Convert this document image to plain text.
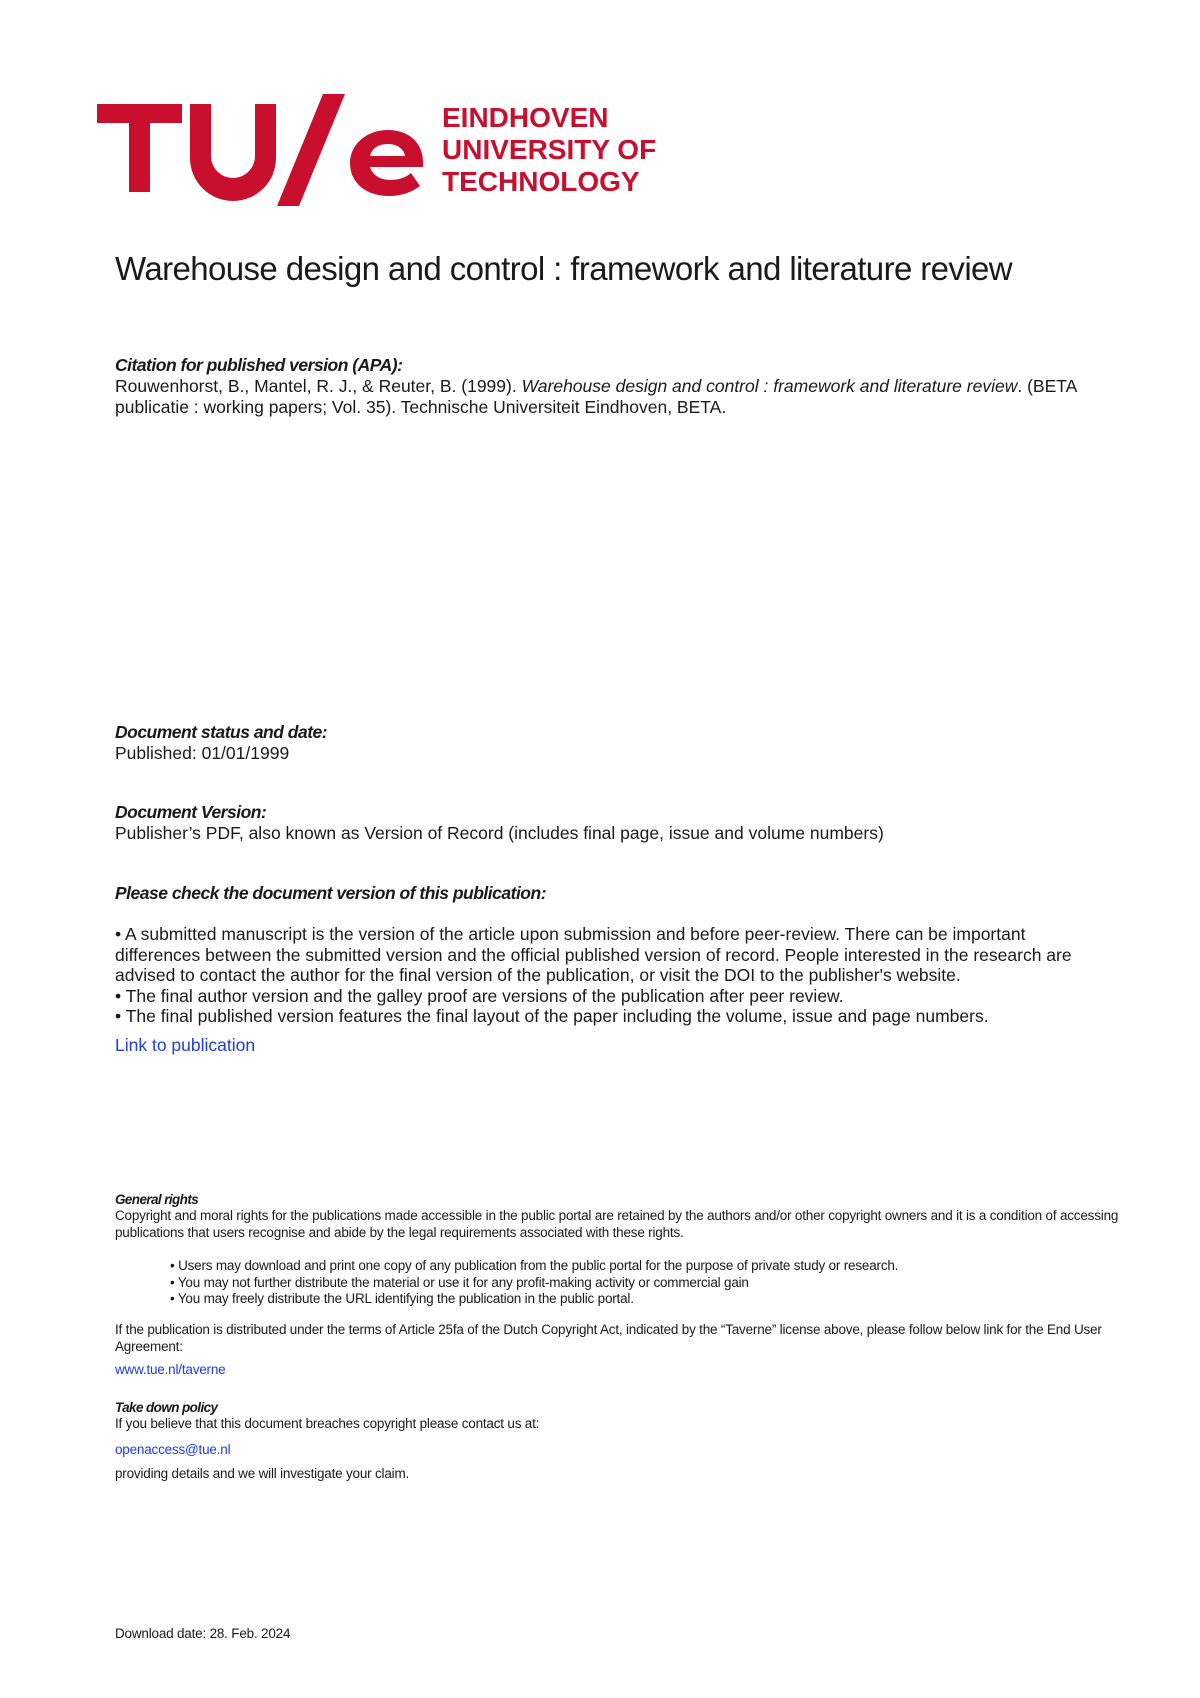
EINDHOVEN
UNIVERSITY OF
TECHNOLOGY
Warehouse design and control : framework and literature review
Citation for published version (APA):
Rouwenhorst, B., Mantel, R. J., & Reuter, B. (1999). Warehouse design and control : framework and literature review. (BETA publicatie : working papers; Vol. 35). Technische Universiteit Eindhoven, BETA.
Document status and date:
Published: 01/01/1999
Document Version:
Publisher’s PDF, also known as Version of Record (includes final page, issue and volume numbers)
Please check the document version of this publication:
• A submitted manuscript is the version of the article upon submission and before peer-review. There can be important differences between the submitted version and the official published version of record. People interested in the research are advised to contact the author for the final version of the publication, or visit the DOI to the publisher's website.
• The final author version and the galley proof are versions of the publication after peer review.
• The final published version features the final layout of the paper including the volume, issue and page numbers.
Link to publication
General rights
Copyright and moral rights for the publications made accessible in the public portal are retained by the authors and/or other copyright owners and it is a condition of accessing publications that users recognise and abide by the legal requirements associated with these rights.
• Users may download and print one copy of any publication from the public portal for the purpose of private study or research.
• You may not further distribute the material or use it for any profit-making activity or commercial gain
• You may freely distribute the URL identifying the publication in the public portal.
If the publication is distributed under the terms of Article 25fa of the Dutch Copyright Act, indicated by the “Taverne” license above, please follow below link for the End User Agreement:
www.tue.nl/taverne
Take down policy
If you believe that this document breaches copyright please contact us at:
openaccess@tue.nl
providing details and we will investigate your claim.
Download date: 28. Feb. 2024
